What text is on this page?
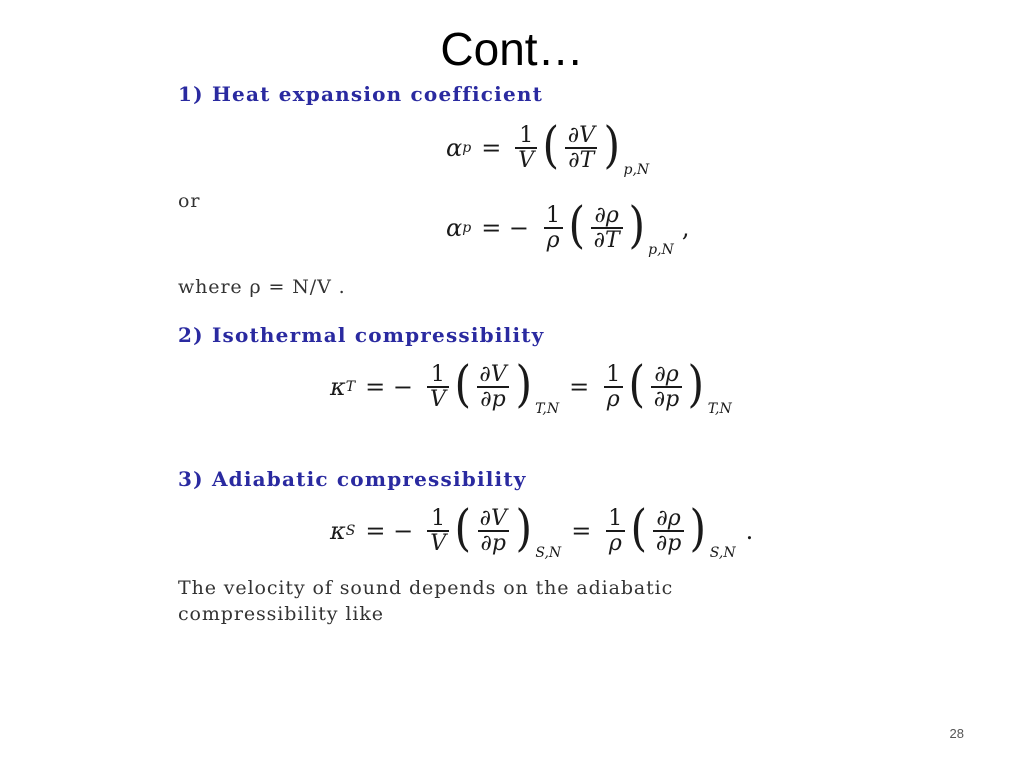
Cont…
1) Heat expansion coefficient
α $p = \frac{1}{V}$ ( $\frac{\partial V}{\partial T}$ ) p,N
or
α p = − $\frac{1}{\rho}$ ( $\frac{\partial\rho}{\partial T}$ ) p,N
,
where ρ = N/V .
2) Isothermal compressibility
κ T = − $\frac{1}{V}$ ( $\frac{\partial V}{\partial p}$ ) T,N
= $\frac{1}{\rho}$ ( $\frac{\partial\rho}{\partial p}$ ) T,N
3) Adiabatic compressibility
κ S = − $\frac{1}{V}$ ( $\frac{\partial V}{\partial p}$ ) S,N
= $\frac{1}{\rho}$ ( $\frac{\partial\rho}{\partial p}$ ) S,N
.
The velocity of sound depends on the adiabatic
compressibility like
28
